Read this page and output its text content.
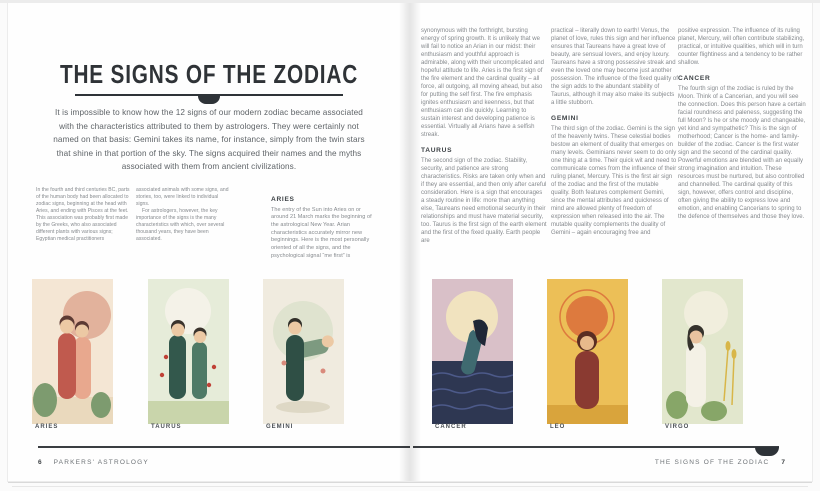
THE SIGNS OF THE ZODIAC
It is impossible to know how the 12 signs of our modern zodiac became associated with the characteristics attributed to them by astrologers. They were certainly not named on that basis: Gemini takes its name, for instance, simply from the twin stars that shine in that portion of the sky. The signs acquired their names and the myths associated with them from ancient civilizations.

In the fourth and third centuries BC, parts of the human body had been allocated to zodiac signs, beginning at the head with Aries, and ending with Pisces at the feet. This association was probably first made by the Greeks, who also associated different plants with various signs; Egyptian medical practitioners

associated animals with some signs, and stories, too, were linked to individual signs.

For astrologers, however, the key importance of the signs is the many characteristics with which, over several thousand years, they have been associated.

ARIES

The entry of the Sun into Aries on or around 21 March marks the beginning of the astrological New Year. Arian characteristics accurately mirror new beginnings. Here is the most personally oriented of all the signs, and the psychological signal “me first” is

ARIES	TAURUS	GEMINI
6 PARKERS' ASTROLOGY

synonymous with the forthright, bursting energy of spring growth. It is unlikely that we will fail to notice an Arian in our midst: their enthusiasm and youthful approach is admirable, along with their uncomplicated and hopeful attitude to life. Aries is the first sign of the fire element and the cardinal quality – all force, all outgoing, all moving ahead, but also for putting the self first. The fire emphasis ignites enthusiasm and keenness, but that enthusiasm can die quickly. Learning to sustain interest and developing patience is essential. Virtually all Arians have a selfish streak.

TAURUS

The second sign of the zodiac. Stability, security, and patience are strong characteristics. Risks are taken only when and if they are essential, and then only after careful consideration. Here is a sign that encourages a steady routine in life: more than anything else, Taureans need emotional security in their relationships and must have material security, too. Taurus is the first sign of the earth element and the first of the fixed quality. Earth people are

practical – literally down to earth! Venus, the planet of love, rules this sign and her influence ensures that Taureans have a great love of beauty, are sensual lovers, and enjoy luxury. Taureans have a strong possessive streak and even the loved one may become just another possession. The influence of the fixed quality of the sign adds to the abundant stability of Taurus, although it may also make its subjects a little stubborn.

GEMINI

The third sign of the zodiac. Gemini is the sign of the heavenly twins. These celestial bodies bestow an element of duality that emerges on many levels. Geminians never seem to do only one thing at a time. Their quick wit and need to communicate comes from the influence of their ruling planet, Mercury. This is the first air sign of the zodiac and the first of the mutable quality. Both features complement Gemini, since the mental attributes and quickness of mind are allowed plenty of freedom of expression when released into the air. The mutable quality complements the duality of Gemini – again encouraging free and

positive expression. The influence of its ruling planet, Mercury, will often contribute stabilizing, practical, or intuitive qualities, which will in turn counter flightiness and a tendency to be rather shallow.

CANCER

The fourth sign of the zodiac is ruled by the Moon. Think of a Cancerian, and you will see the connection. Does this person have a certain facial roundness and paleness, suggesting the full Moon? Is he or she moody and changeable, yet kind and sympathetic? This is the sign of motherhood; Cancer is the home- and family-builder of the zodiac. Cancer is the first water sign and the second of the cardinal quality. Powerful emotions are blended with an equally strong imagination and intuition. These resources must be nurtured, but also controlled and channelled. The cardinal quality of this sign, however, offers control and discipline, often giving the ability to express love and emotion, and enabling Cancerians to spring to the defence of themselves and those they love.

CANCER	LEO	VIRGO
THE SIGNS OF THE ZODIAC 7
